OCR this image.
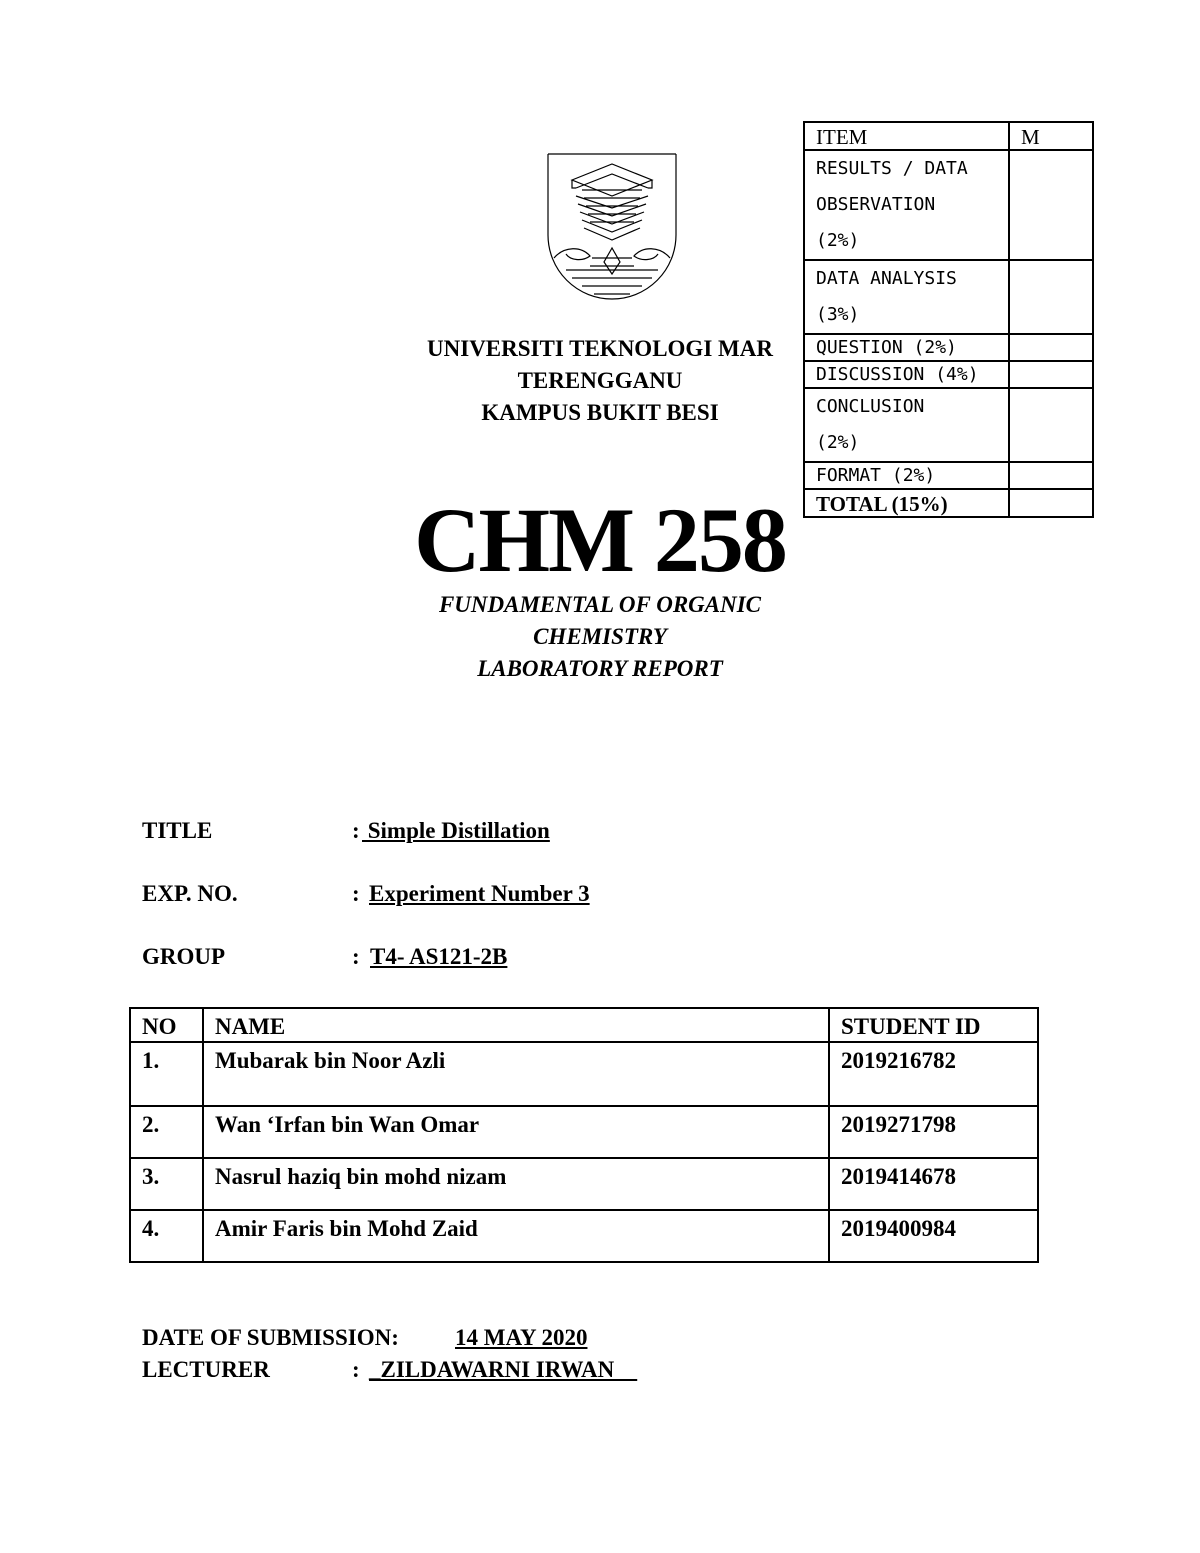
ITEM	M
RESULTS / DATA
OBSERVATION
(2%)	
DATA ANALYSIS
(3%)	
QUESTION (2%)	
DISCUSSION (4%)	
CONCLUSION
(2%)	
FORMAT (2%)	
TOTAL (15%)	
UNIVERSITI TEKNOLOGI MAR
TERENGGANU
KAMPUS BUKIT BESI
CHM 258
FUNDAMENTAL OF ORGANIC
CHEMISTRY
LABORATORY REPORT
TITLE	: Simple Distillation
EXP. NO.	: Experiment Number 3
GROUP	: T4- AS121-2B
NO	NAME	STUDENT ID
1.	Mubarak bin Noor Azli	2019216782
2.	Wan ‘Irfan bin Wan Omar	2019271798
3.	Nasrul haziq bin mohd nizam	2019414678
4.	Amir Faris bin Mohd Zaid	2019400984
DATE OF SUBMISSION: 14 MAY 2020
LECTURER	: _ZILDAWARNI IRWAN
